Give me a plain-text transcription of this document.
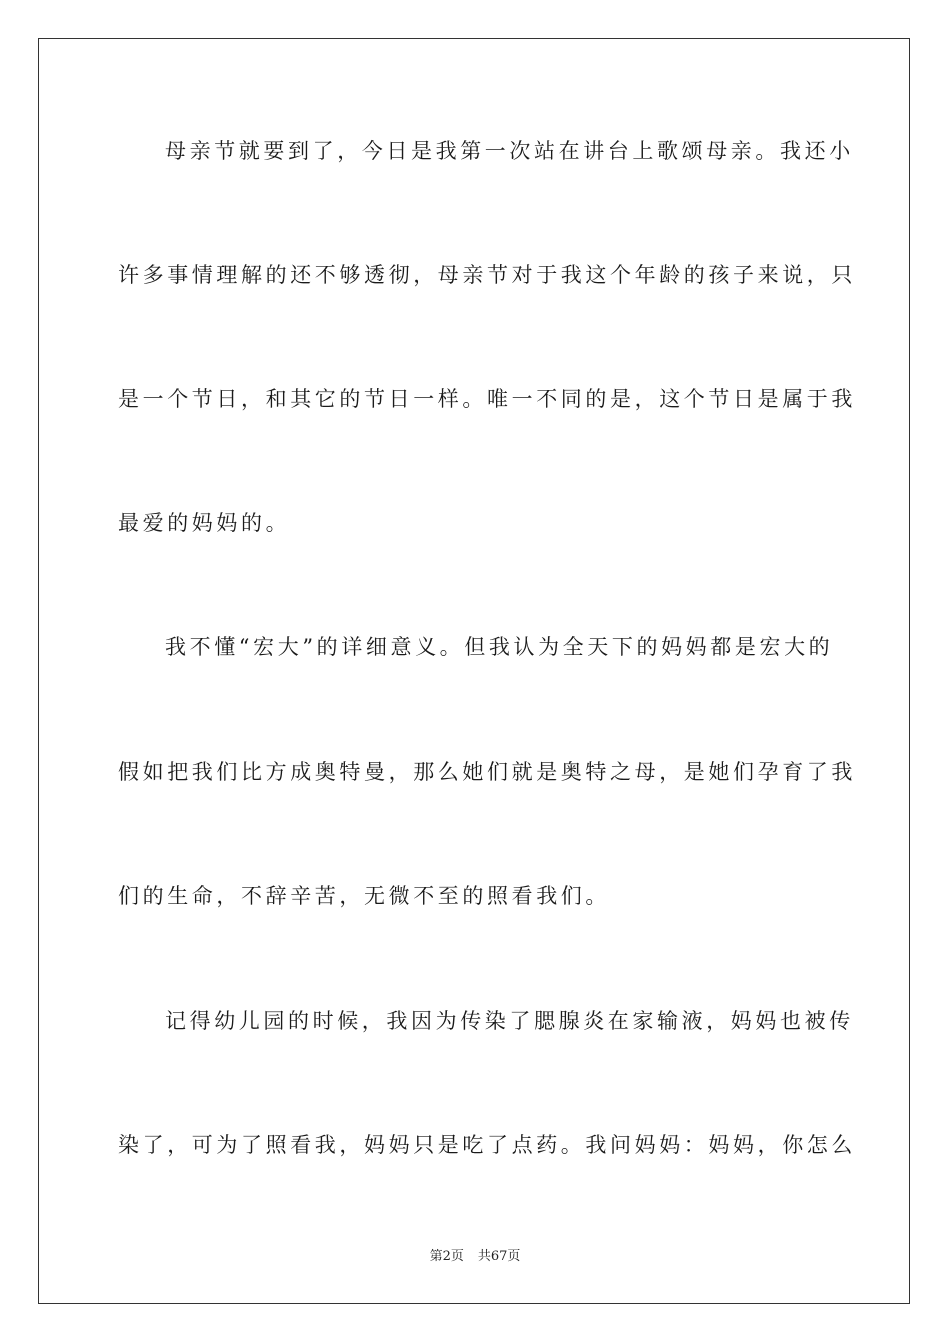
母亲节就要到了，今日是我第一次站在讲台上歌颂母亲。我还小
许多事情理解的还不够透彻，母亲节对于我这个年龄的孩子来说，只
是一个节日，和其它的节日一样。唯一不同的是，这个节日是属于我
最爱的妈妈的。
我不懂“宏大”的详细意义。但我认为全天下的妈妈都是宏大的
假如把我们比方成奥特曼，那么她们就是奥特之母，是她们孕育了我
们的生命，不辞辛苦，无微不至的照看我们。
记得幼儿园的时候，我因为传染了腮腺炎在家输液，妈妈也被传
染了，可为了照看我，妈妈只是吃了点药。我问妈妈：妈妈，你怎么
第2页 共67页
